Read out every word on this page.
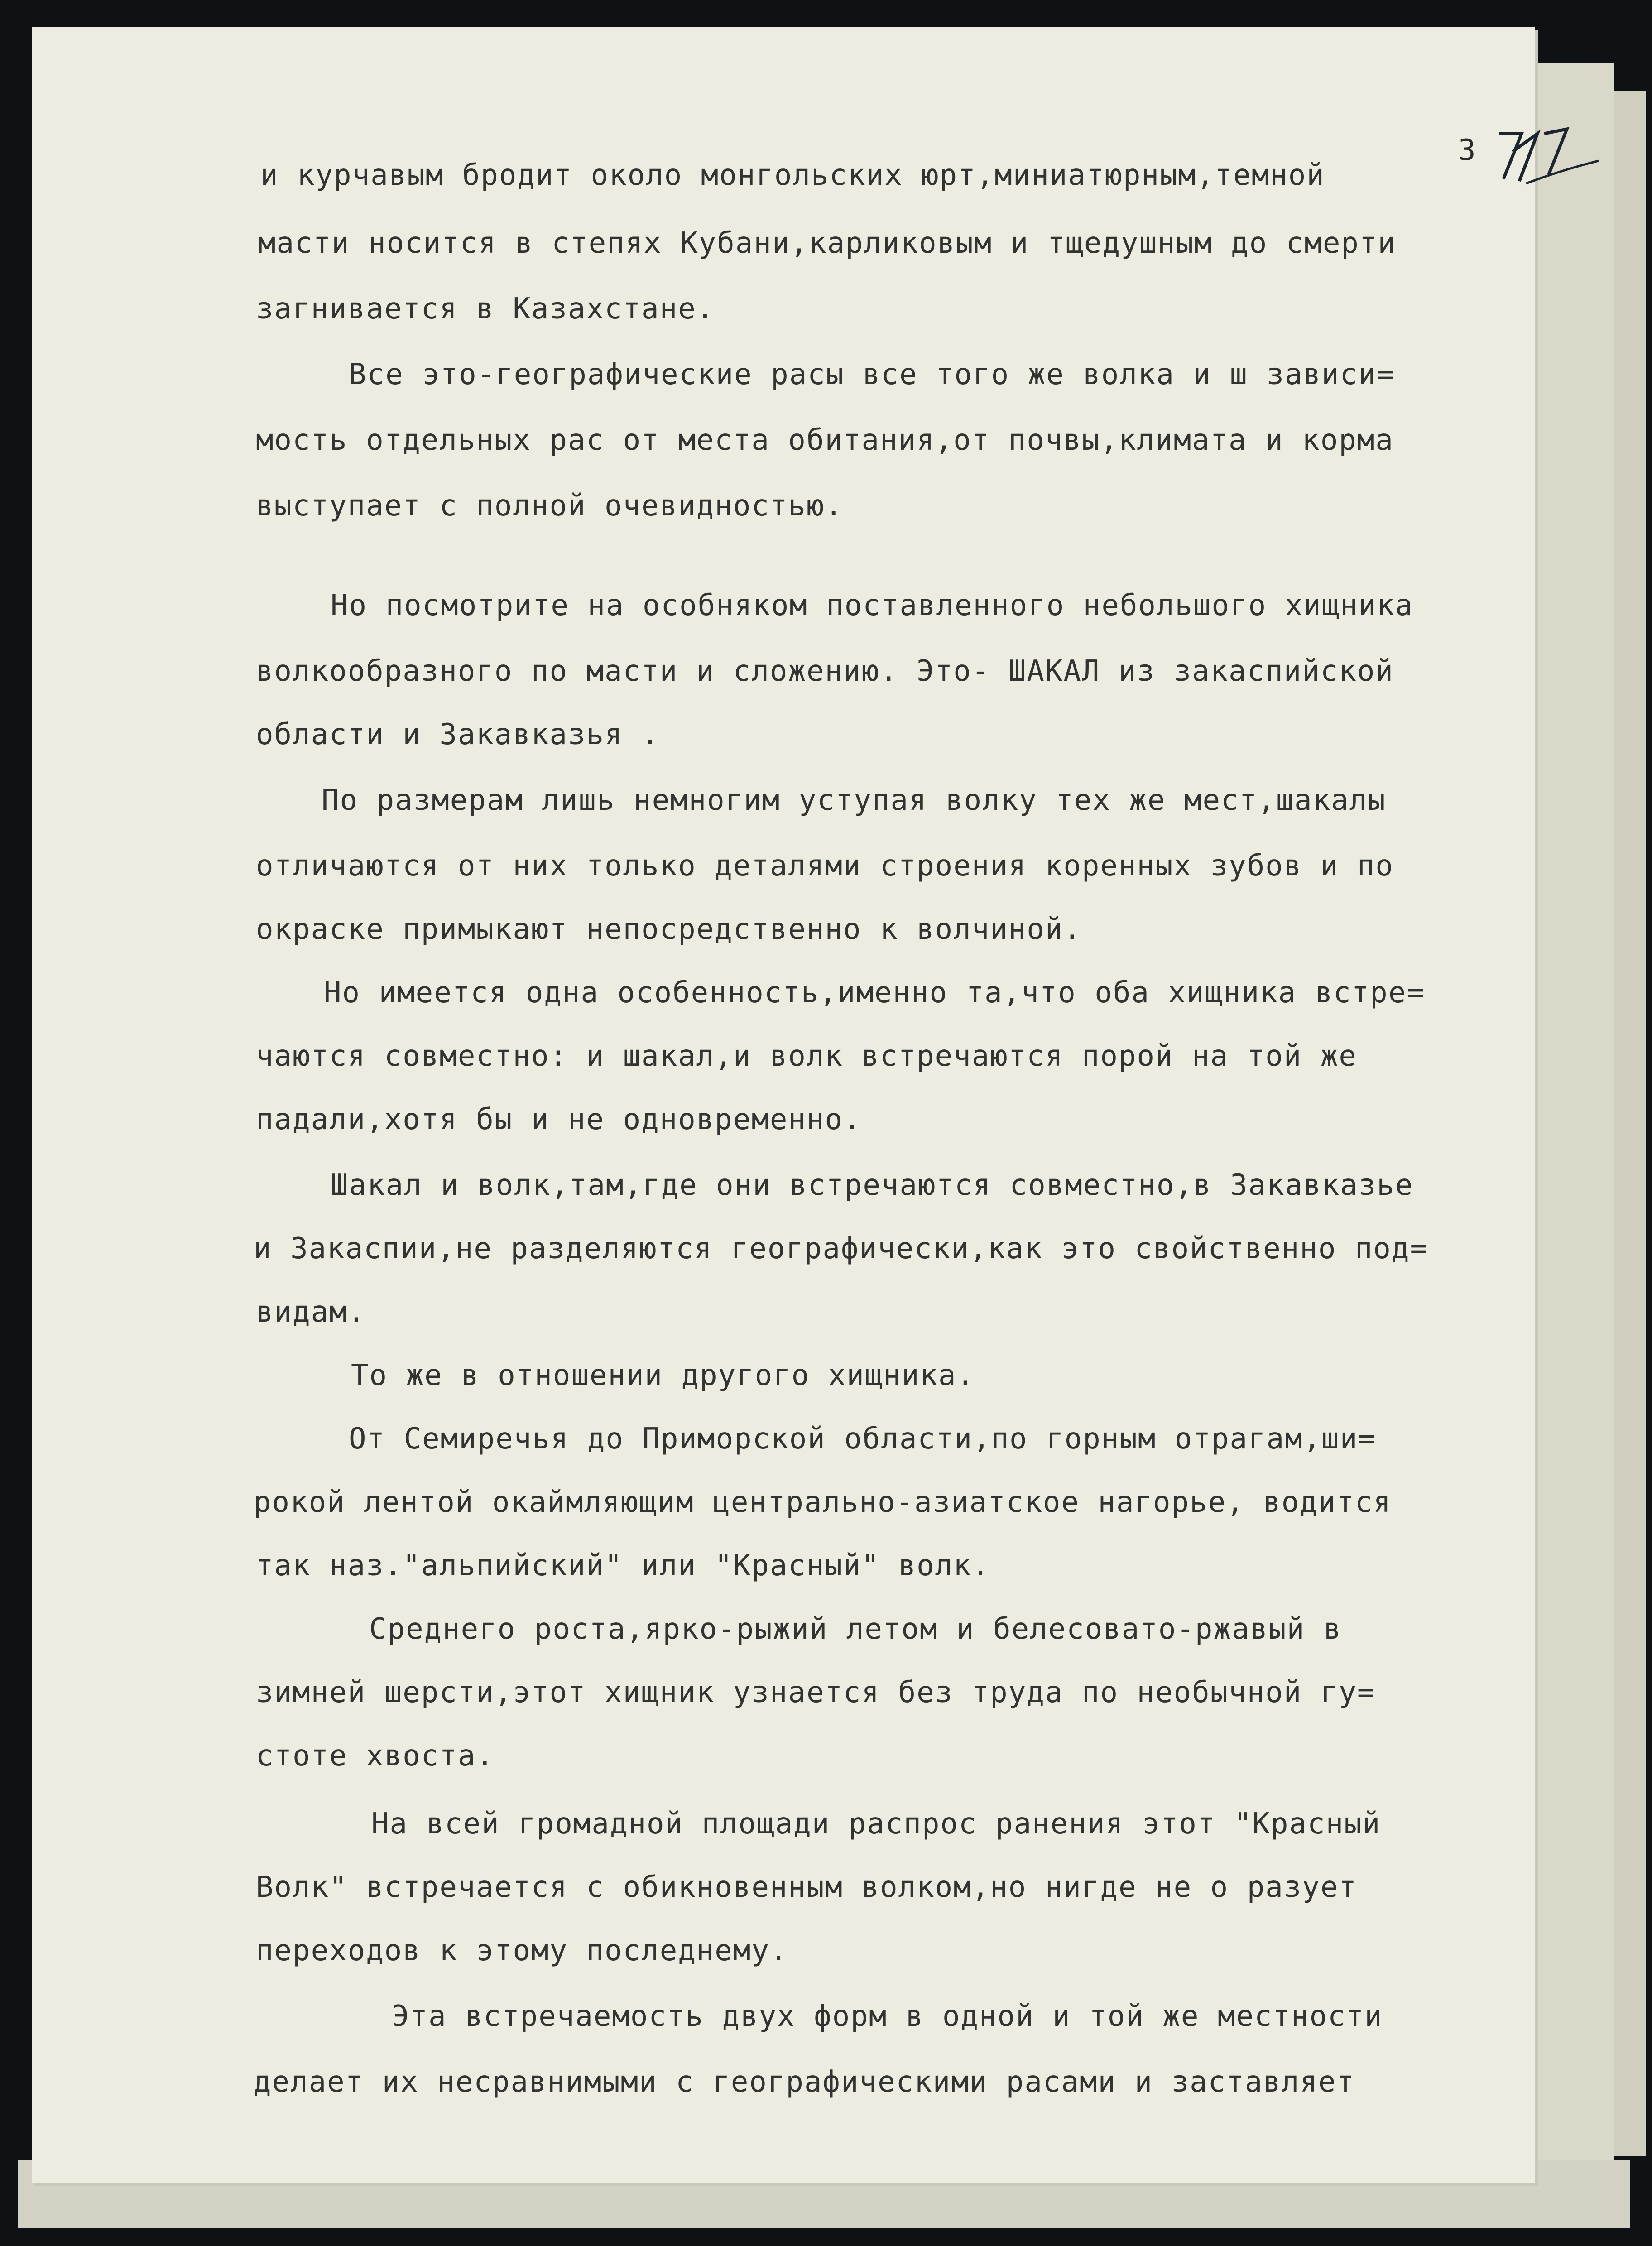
3
и курчавым бродит около монгольских юрт,миниатюрным,темной
масти носится в степях Кубани,карликовым и тщедушным до смерти
загнивается в Казахстане.
Все это-географические расы все того же волка и ш зависи=
мость отдельных рас от места обитания,от почвы,климата и корма
выступает с полной очевидностью.
Но посмотрите на особняком поставленного небольшого хищника
волкообразного по масти и сложению. Это- ШАКАЛ из закаспийской
области и Закавказья .
По размерам лишь немногим уступая волку тех же мест,шакалы
отличаются от них только деталями строения коренных зубов и по
окраске примыкают непосредственно к волчиной.
Но имеется одна особенность,именно та,что оба хищника встре=
чаются совместно: и шакал,и волк встречаются порой на той же
падали,хотя бы и не одновременно.
Шакал и волк,там,где они встречаются совместно,в Закавказье
и Закаспии,не разделяются географически,как это свойственно под=
видам.
То же в отношении другого хищника.
От Семиречья до Приморской области,по горным отрагам,ши=
рокой лентой окаймляющим центрально-азиатское нагорье, водится
так наз."альпийский" или "Красный" волк.
Среднего роста,ярко-рыжий летом и белесовато-ржавый в
зимней шерсти,этот хищник узнается без труда по необычной гу=
стоте хвоста.
На всей громадной площади распрос ранения этот "Красный
Волк" встречается с обикновенным волком,но нигде не о разует
переходов к этому последнему.
Эта встречаемость двух форм в одной и той же местности
делает их несравнимыми с географическими расами и заставляет
